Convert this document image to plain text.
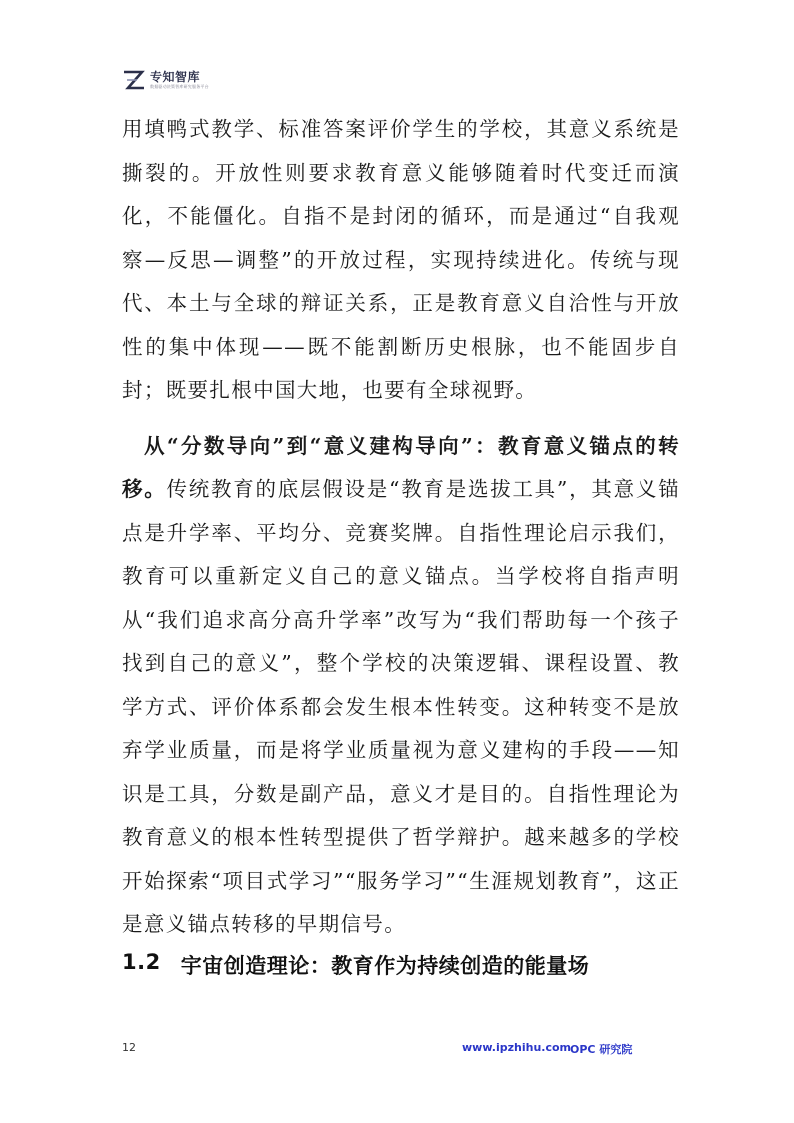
专知智库
数据驱动决策智库研究服务平台

用填鸭式教学、标准答案评价学生的学校，其意义系统是撕裂的。开放性则要求教育意义能够随着时代变迁而演化，不能僵化。自指不是封闭的循环，而是通过“自我观察—反思—调整”的开放过程，实现持续进化。传统与现代、本土与全球的辩证关系，正是教育意义自洽性与开放性的集中体现——既不能割断历史根脉，也不能固步自封；既要扎根中国大地，也要有全球视野。

从“分数导向”到“意义建构导向”：教育意义锚点的转移。传统教育的底层假设是“教育是选拔工具”，其意义锚点是升学率、平均分、竞赛奖牌。自指性理论启示我们，教育可以重新定义自己的意义锚点。当学校将自指声明从“我们追求高分高升学率”改写为“我们帮助每一个孩子找到自己的意义”，整个学校的决策逻辑、课程设置、教学方式、评价体系都会发生根本性转变。这种转变不是放弃学业质量，而是将学业质量视为意义建构的手段——知识是工具，分数是副产品，意义才是目的。自指性理论为教育意义的根本性转型提供了哲学辩护。越来越多的学校开始探索“项目式学习”“服务学习”“生涯规划教育”，这正是意义锚点转移的早期信号。

1.2 宇宙创造理论：教育作为持续创造的能量场
12	www.ipzhihu.com OPC 研究院
